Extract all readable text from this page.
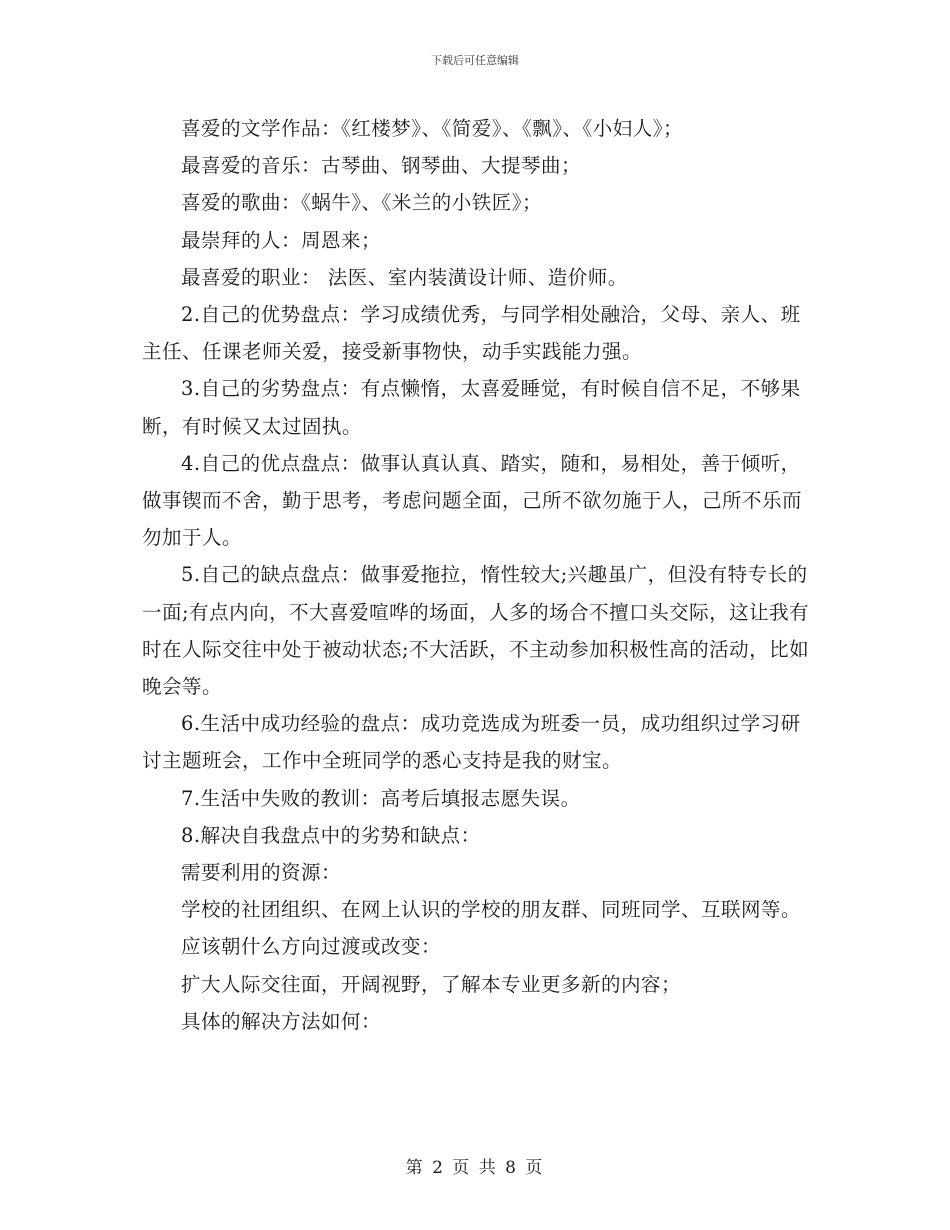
下载后可任意编辑

喜爱的文学作品：《红楼梦》、《简爱》、《飘》、《小妇人》；

最喜爱的音乐：古琴曲、钢琴曲、大提琴曲；

喜爱的歌曲：《蜗牛》、《米兰的小铁匠》；

最崇拜的人：周恩来；

最喜爱的职业： 法医、室内装潢设计师、造价师。

2.自己的优势盘点：学习成绩优秀，与同学相处融洽，父母、亲人、班主任、任课老师关爱，接受新事物快，动手实践能力强。

3.自己的劣势盘点：有点懒惰，太喜爱睡觉，有时候自信不足，不够果断，有时候又太过固执。

4.自己的优点盘点：做事认真认真、踏实，随和，易相处，善于倾听，做事锲而不舍，勤于思考，考虑问题全面，己所不欲勿施于人，己所不乐而勿加于人。

5.自己的缺点盘点：做事爱拖拉，惰性较大;兴趣虽广，但没有特专长的一面;有点内向，不大喜爱喧哗的场面，人多的场合不擅口头交际，这让我有时在人际交往中处于被动状态;不大活跃，不主动参加积极性高的活动，比如晚会等。

6.生活中成功经验的盘点：成功竞选成为班委一员，成功组织过学习研讨主题班会，工作中全班同学的悉心支持是我的财宝。

7.生活中失败的教训：高考后填报志愿失误。

8.解决自我盘点中的劣势和缺点：

需要利用的资源：

学校的社团组织、在网上认识的学校的朋友群、同班同学、互联网等。

应该朝什么方向过渡或改变：

扩大人际交往面，开阔视野，了解本专业更多新的内容；

具体的解决方法如何：

第 2 页 共 8 页
